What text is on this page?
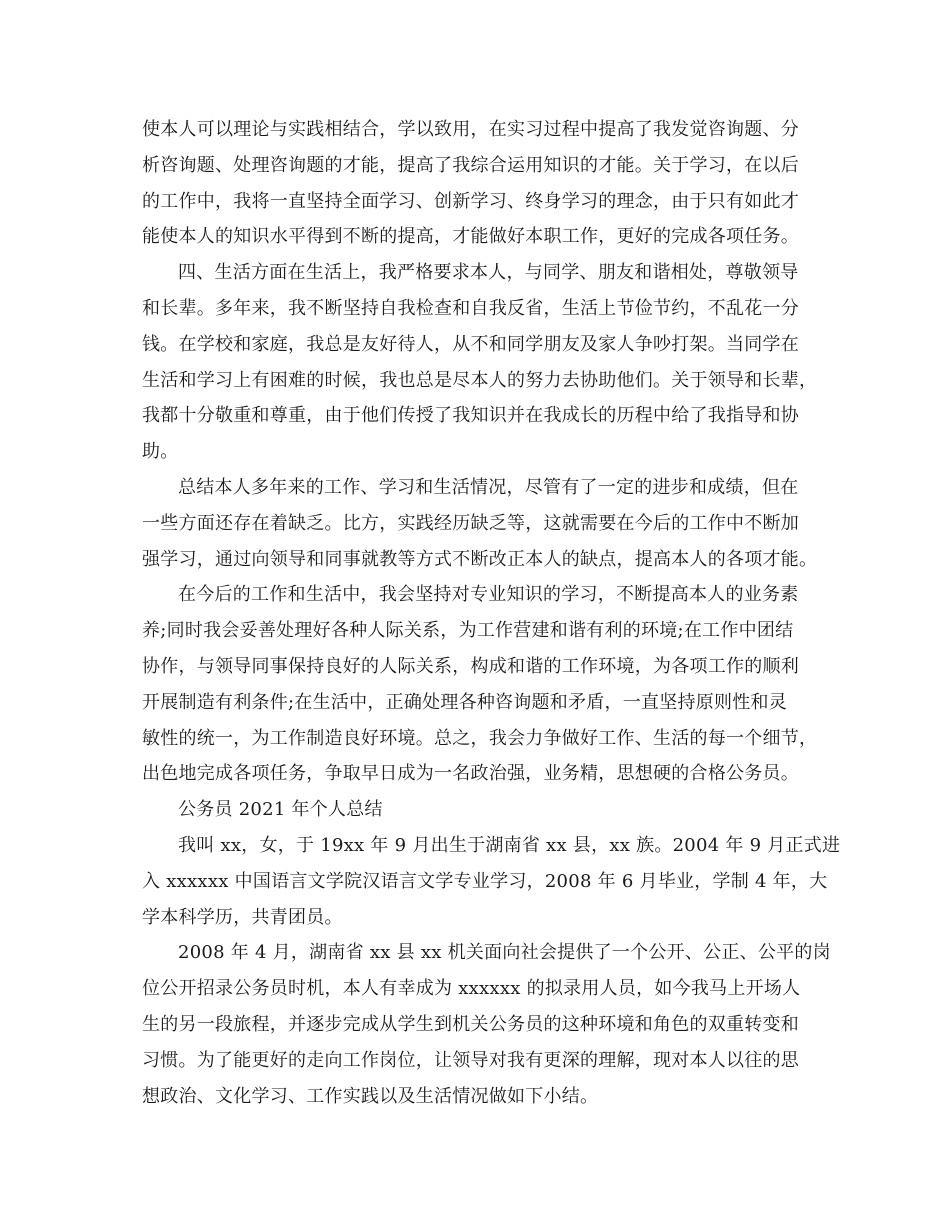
使本人可以理论与实践相结合，学以致用，在实习过程中提高了我发觉咨询题、分
析咨询题、处理咨询题的才能，提高了我综合运用知识的才能。关于学习，在以后
的工作中，我将一直坚持全面学习、创新学习、终身学习的理念，由于只有如此才
能使本人的知识水平得到不断的提高，才能做好本职工作，更好的完成各项任务。
四、生活方面在生活上，我严格要求本人，与同学、朋友和谐相处，尊敬领导
和长辈。多年来，我不断坚持自我检查和自我反省，生活上节俭节约，不乱花一分
钱。在学校和家庭，我总是友好待人，从不和同学朋友及家人争吵打架。当同学在
生活和学习上有困难的时候，我也总是尽本人的努力去协助他们。关于领导和长辈，
我都十分敬重和尊重，由于他们传授了我知识并在我成长的历程中给了我指导和协
助。
总结本人多年来的工作、学习和生活情况，尽管有了一定的进步和成绩，但在
一些方面还存在着缺乏。比方，实践经历缺乏等，这就需要在今后的工作中不断加
强学习，通过向领导和同事就教等方式不断改正本人的缺点，提高本人的各项才能。
在今后的工作和生活中，我会坚持对专业知识的学习，不断提高本人的业务素
养;同时我会妥善处理好各种人际关系，为工作营建和谐有利的环境;在工作中团结
协作，与领导同事保持良好的人际关系，构成和谐的工作环境，为各项工作的顺利
开展制造有利条件;在生活中，正确处理各种咨询题和矛盾，一直坚持原则性和灵
敏性的统一，为工作制造良好环境。总之，我会力争做好工作、生活的每一个细节，
出色地完成各项任务，争取早日成为一名政治强，业务精，思想硬的合格公务员。
公务员 2021 年个人总结
我叫 xx，女，于 19xx 年 9 月出生于湖南省 xx 县，xx 族。2004 年 9 月正式进
入 xxxxxx 中国语言文学院汉语言文学专业学习，2008 年 6 月毕业，学制 4 年，大
学本科学历，共青团员。
2008 年 4 月，湖南省 xx 县 xx 机关面向社会提供了一个公开、公正、公平的岗
位公开招录公务员时机，本人有幸成为 xxxxxx 的拟录用人员，如今我马上开场人
生的另一段旅程，并逐步完成从学生到机关公务员的这种环境和角色的双重转变和
习惯。为了能更好的走向工作岗位，让领导对我有更深的理解，现对本人以往的思
想政治、文化学习、工作实践以及生活情况做如下小结。
